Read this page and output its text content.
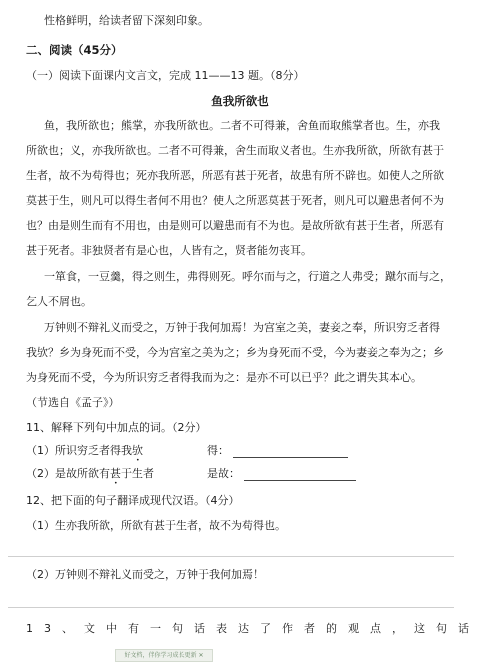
性格鲜明，给读者留下深刻印象。
二、阅读（45分）
（一）阅读下面课内文言文，完成 11——13 题。（8分）
鱼我所欲也
鱼，我所欲也；熊掌，亦我所欲也。二者不可得兼，舍鱼而取熊掌者也。生，亦我
所欲也；义，亦我所欲也。二者不可得兼，舍生而取义者也。生亦我所欲，所欲有甚于
生者，故不为苟得也；死亦我所恶，所恶有甚于死者，故患有所不辟也。如使人之所欲
莫甚于生，则凡可以得生者何不用也？使人之所恶莫甚于死者，则凡可以避患者何不为
也？由是则生而有不用也，由是则可以避患而有不为也。是故所欲有甚于生者，所恶有
甚于死者。非独贤者有是心也，人皆有之，贤者能勿丧耳。
一箪食，一豆羹，得之则生，弗得则死。呼尔而与之，行道之人弗受；蹴尔而与之，
乞人不屑也。
万钟则不辩礼义而受之，万钟于我何加焉！为宫室之美，妻妾之奉，所识穷乏者得
我欤？乡为身死而不受，今为宫室之美为之；乡为身死而不受，今为妻妾之奉为之；乡
为身死而不受，今为所识穷乏者得我而为之：是亦不可以已乎？此之谓失其本心。
（节选自《孟子》）
11、解释下列句中加点的词。（2分）
（1）所识穷乏者得我欤	得：
（2）是故所欲有甚于生者	是故：
12、把下面的句子翻译成现代汉语。（4分）
（1）生亦我所欲，所欲有甚于生者，故不为苟得也。
（2）万钟则不辩礼义而受之，万钟于我何加焉！
13、文中有一句话表达了作者的观点，这句话
好文档，伴你学习成长更新 ✕
